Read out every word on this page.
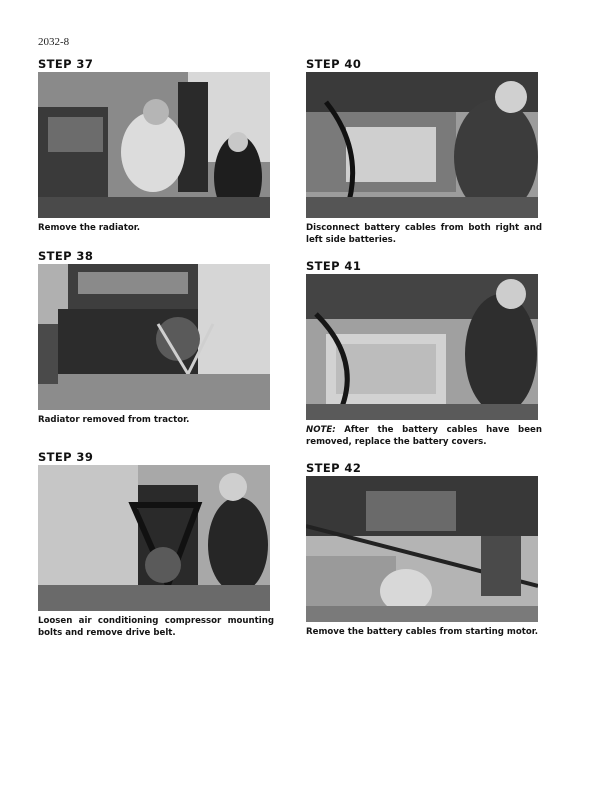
2032-8
STEP 37
Remove the radiator.
STEP 38
Radiator removed from tractor.
STEP 39
Loosen air conditioning compressor mounting bolts and remove drive belt.
STEP 40
Disconnect battery cables from both right and left side batteries.
STEP 41
NOTE: After the battery cables have been removed, replace the battery covers.
STEP 42
Remove the battery cables from starting motor.
